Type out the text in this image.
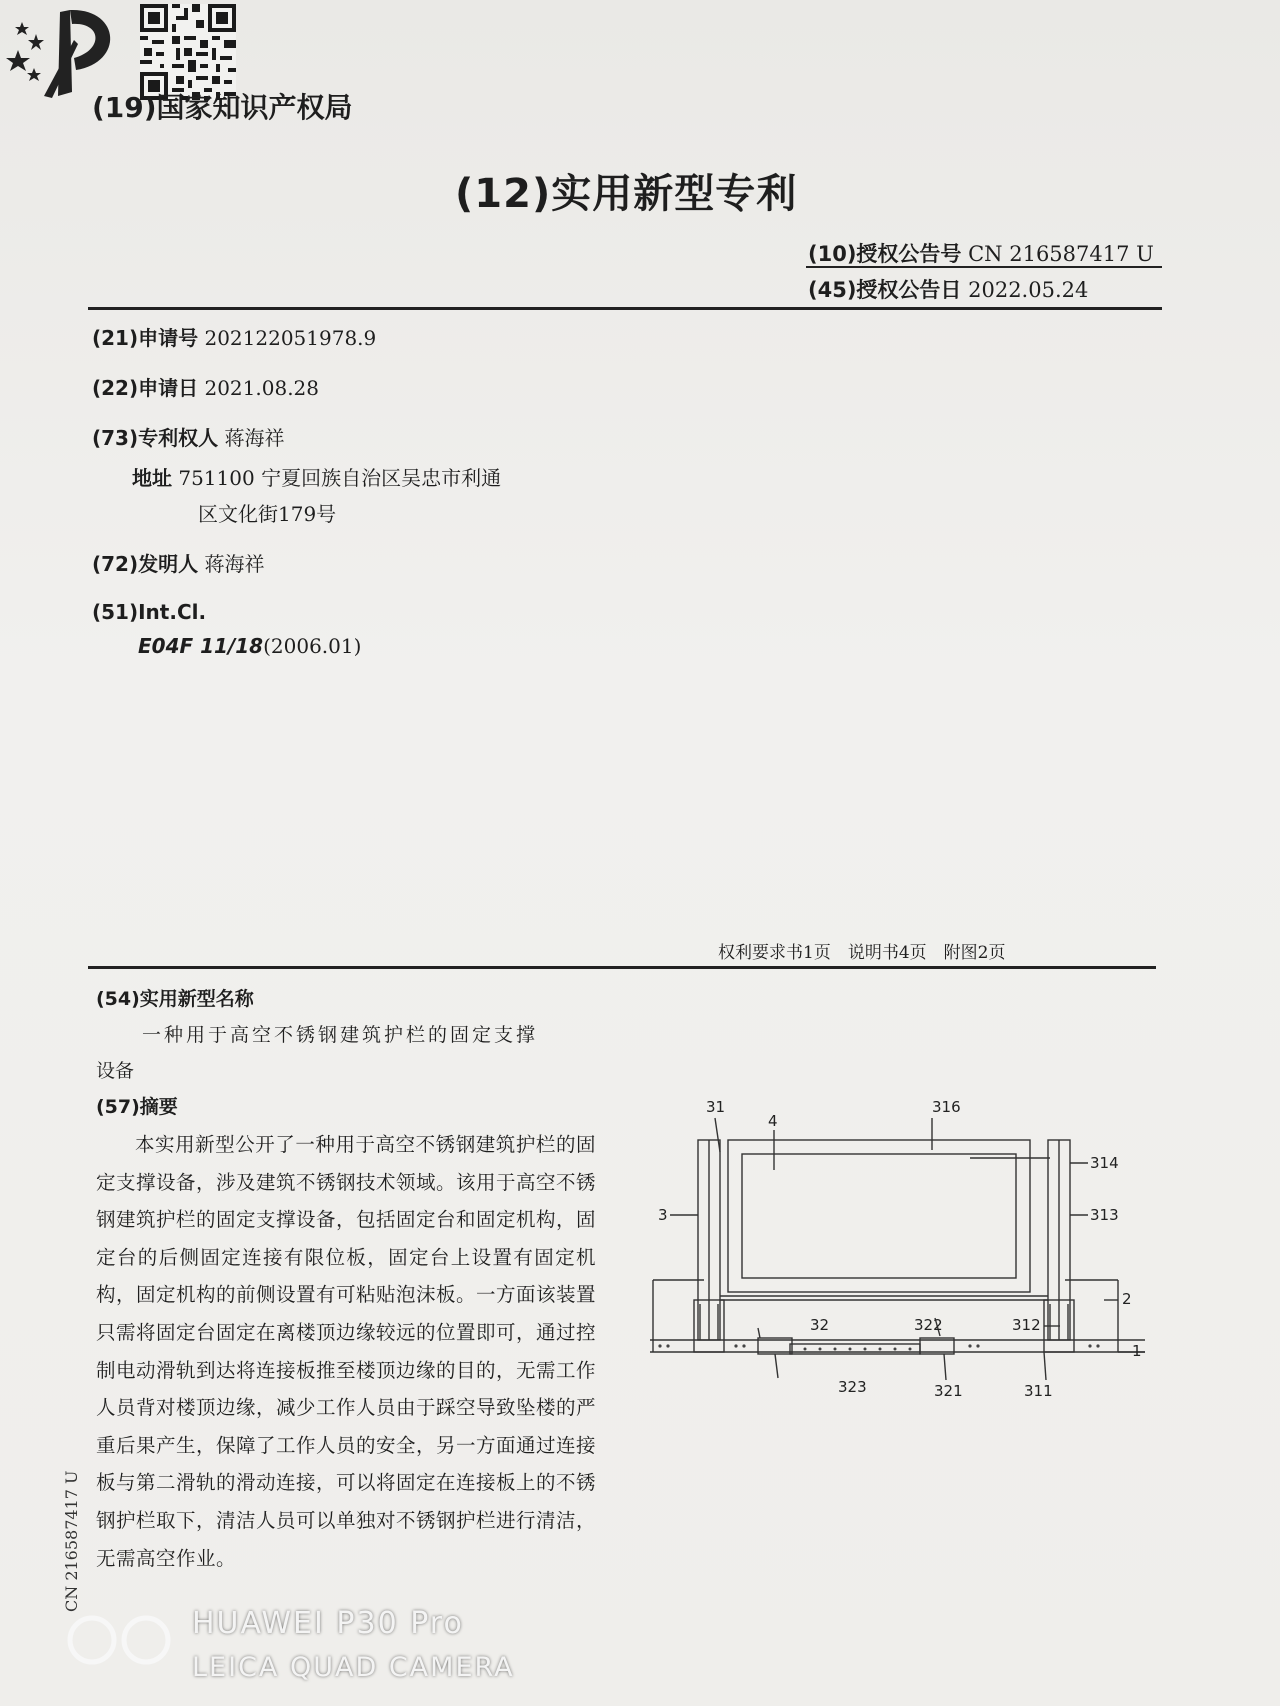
(19)国家知识产权局

(12)实用新型专利
(10)授权公告号 CN 216587417 U
(45)授权公告日 2022.05.24
(21)申请号 202122051978.9
(22)申请日 2021.08.28
(73)专利权人 蒋海祥
地址 751100 宁夏回族自治区吴忠市利通
区文化街179号
(72)发明人 蒋海祥
(51)Int.Cl.
E04F 11/18(2006.01)
权利要求书1页　说明书4页　附图2页
(54)实用新型名称
一种用于高空不锈钢建筑护栏的固定支撑
设备
(57)摘要

本实用新型公开了一种用于高空不锈钢建筑护栏的固定支撑设备，涉及建筑不锈钢技术领域。该用于高空不锈钢建筑护栏的固定支撑设备，包括固定台和固定机构，固定台的后侧固定连接有限位板，固定台上设置有固定机构，固定机构的前侧设置有可粘贴泡沫板。一方面该装置只需将固定台固定在离楼顶边缘较远的位置即可，通过控制电动滑轨到达将连接板推至楼顶边缘的目的，无需工作人员背对楼顶边缘，减少工作人员由于踩空导致坠楼的严重后果产生，保障了工作人员的安全，另一方面通过连接板与第二滑轨的滑动连接，可以将固定在连接板上的不锈钢护栏取下，清洁人员可以单独对不锈钢护栏进行清洁，无需高空作业。

31
4
316
314
3	313
2
32	322	312
1
323	321	311
CN 216587417 U
HUAWEI P30 Pro
LEICA QUAD CAMERA
